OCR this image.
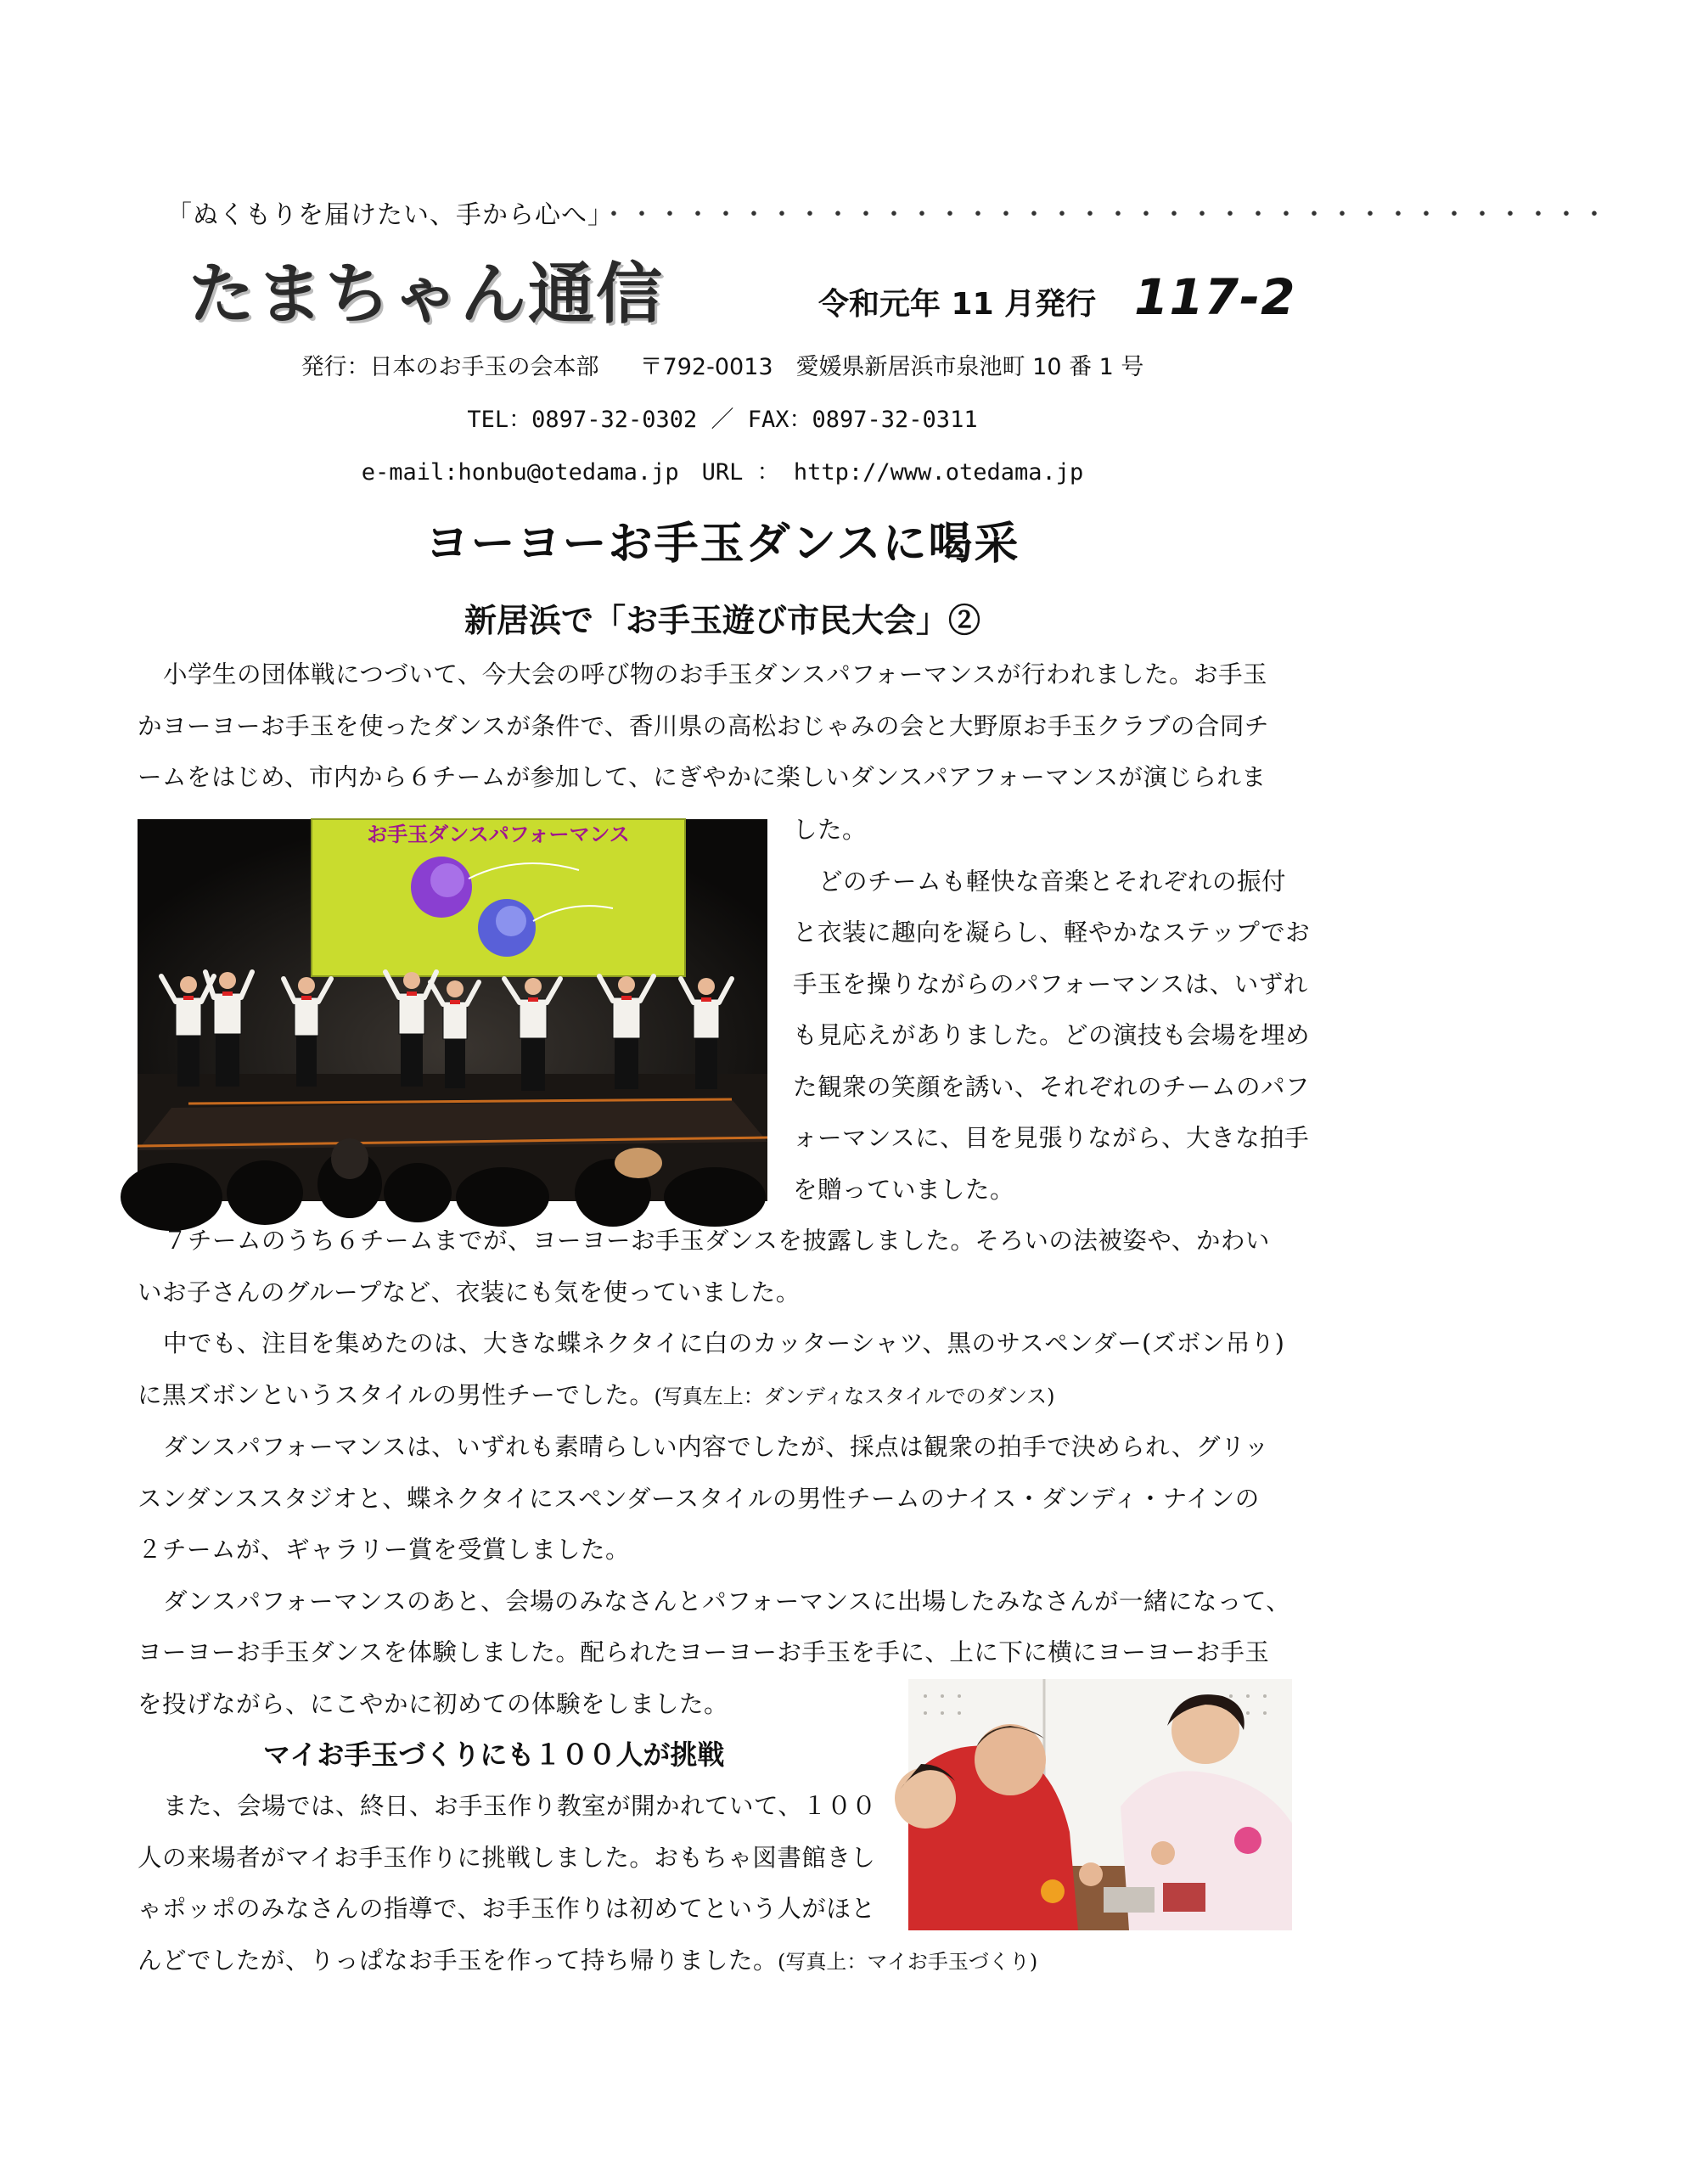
「ぬくもりを届けたい、手から心へ」・・・・・・・・・・・・・・・・・・・・・・・・・・・・・・・・・・・・
たまちゃん通信	令和元年 11 月発行 117-2
発行：日本のお手玉の会本部 〒792-0013　愛媛県新居浜市泉池町 10 番 1 号
TEL：0897-32-0302 ／ FAX：0897-32-0311
e-mail:honbu@otedama.jp　URL ： http://www.otedama.jp
ヨーヨーお手玉ダンスに喝采
新居浜で「お手玉遊び市民大会」②

小学生の団体戦につづいて、今大会の呼び物のお手玉ダンスパフォーマンスが行われました。お手玉

かヨーヨーお手玉を使ったダンスが条件で、香川県の高松おじゃみの会と大野原お手玉クラブの合同チ

ームをはじめ、市内から６チームが参加して、にぎやかに楽しいダンスパアフォーマンスが演じられま

お手玉ダンスパフォーマンス	した。

どのチームも軽快な音楽とそれぞれの振付

と衣装に趣向を凝らし、軽やかなステップでお

手玉を操りながらのパフォーマンスは、いずれ

も見応えがありました。どの演技も会場を埋め

た観衆の笑顔を誘い、それぞれのチームのパフ

ォーマンスに、目を見張りながら、大きな拍手

を贈っていました。

７チームのうち６チームまでが、ヨーヨーお手玉ダンスを披露しました。そろいの法被姿や、かわい

いお子さんのグループなど、衣装にも気を使っていました。

中でも、注目を集めたのは、大きな蝶ネクタイに白のカッターシャツ、黒のサスペンダー(ズボン吊り)

に黒ズボンというスタイルの男性チーでした。(写真左上：ダンディなスタイルでのダンス)

ダンスパフォーマンスは、いずれも素晴らしい内容でしたが、採点は観衆の拍手で決められ、グリッ

スンダンススタジオと、蝶ネクタイにスペンダースタイルの男性チームのナイス・ダンディ・ナインの

２チームが、ギャラリー賞を受賞しました。

ダンスパフォーマンスのあと、会場のみなさんとパフォーマンスに出場したみなさんが一緒になって、

ヨーヨーお手玉ダンスを体験しました。配られたヨーヨーお手玉を手に、上に下に横にヨーヨーお手玉

を投げながら、にこやかに初めての体験をしました。

マイお手玉づくりにも１００人が挑戦

また、会場では、終日、お手玉作り教室が開かれていて、１００

人の来場者がマイお手玉作りに挑戦しました。おもちゃ図書館きし

ゃポッポのみなさんの指導で、お手玉作りは初めてという人がほと

んどでしたが、りっぱなお手玉を作って持ち帰りました。(写真上：マイお手玉づくり)
